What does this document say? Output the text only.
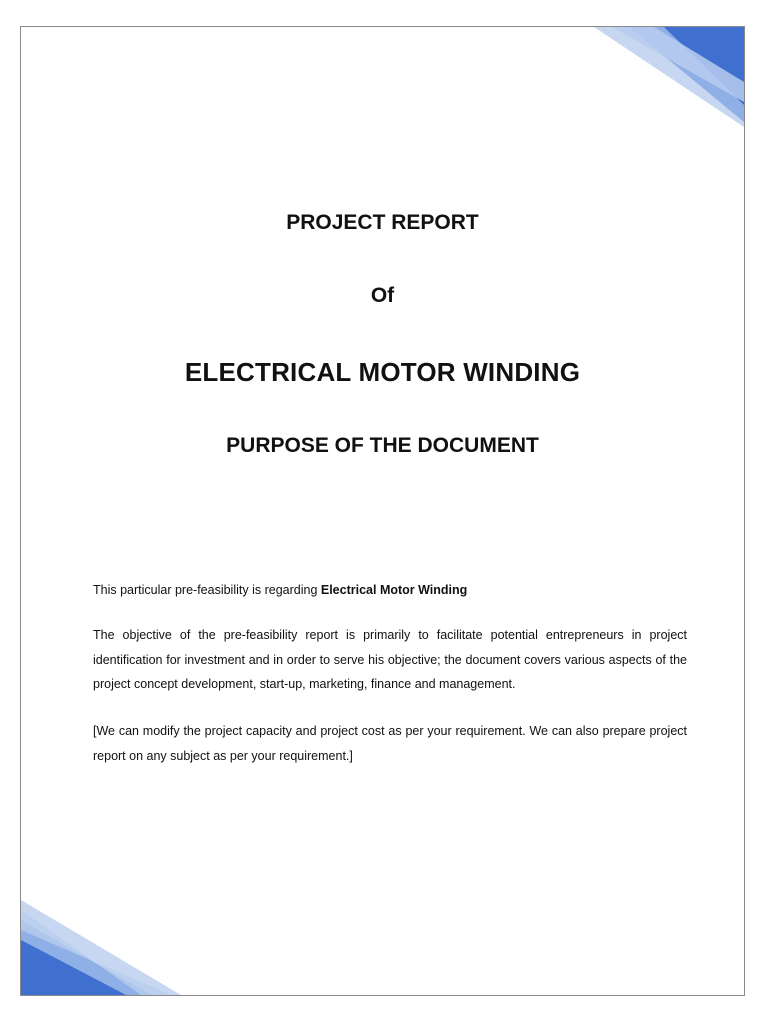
PROJECT REPORT
Of
ELECTRICAL MOTOR WINDING
PURPOSE OF THE DOCUMENT

This particular pre-feasibility is regarding Electrical Motor Winding

The objective of the pre-feasibility report is primarily to facilitate potential entrepreneurs in project identification for investment and in order to serve his objective; the document covers various aspects of the project concept development, start-up, marketing, finance and management.

[We can modify the project capacity and project cost as per your requirement. We can also prepare project report on any subject as per your requirement.]
